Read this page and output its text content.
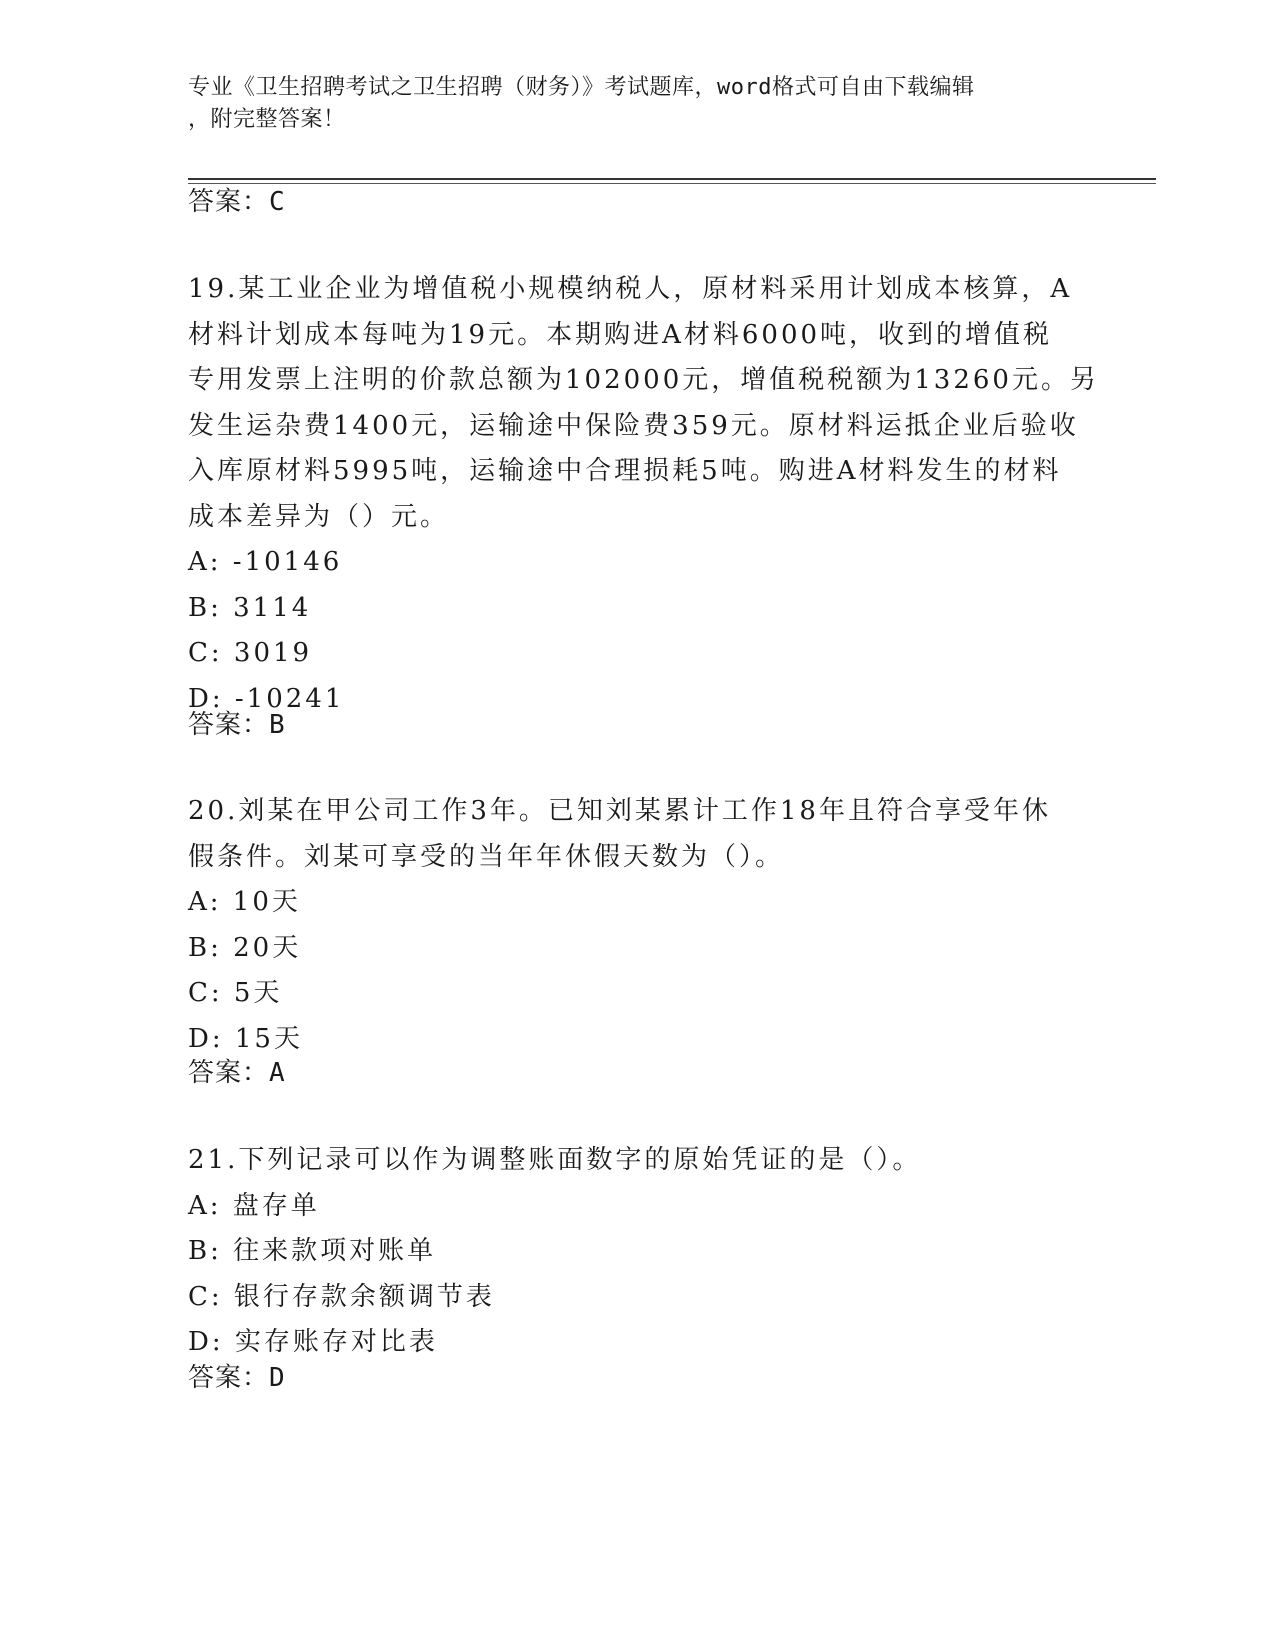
专业《卫生招聘考试之卫生招聘（财务）》考试题库，word格式可自由下载编辑
，附完整答案！
答案：C
19.某工业企业为增值税小规模纳税人，原材料采用计划成本核算，A
材料计划成本每吨为19元。本期购进A材料6000吨，收到的增值税
专用发票上注明的价款总额为102000元，增值税税额为13260元。另
发生运杂费1400元，运输途中保险费359元。原材料运抵企业后验收
入库原材料5995吨，运输途中合理损耗5吨。购进A材料发生的材料
成本差异为（）元。
A: -10146
B: 3114
C: 3019
D: -10241
答案：B
20.刘某在甲公司工作3年。已知刘某累计工作18年且符合享受年休
假条件。刘某可享受的当年年休假天数为（）。
A: 10天
B: 20天
C: 5天
D: 15天
答案：A
21.下列记录可以作为调整账面数字的原始凭证的是（）。
A: 盘存单
B: 往来款项对账单
C: 银行存款余额调节表
D: 实存账存对比表
答案：D
